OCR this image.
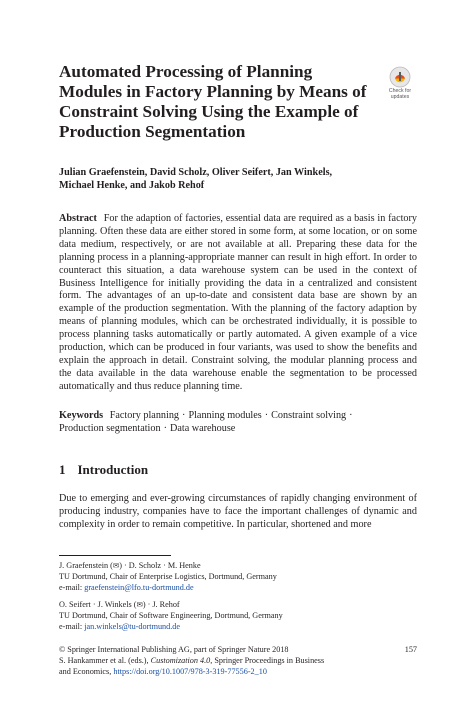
Automated Processing of Planning Modules in Factory Planning by Means of Constraint Solving Using the Example of Production Segmentation
Check for
updates
Julian Graefenstein, David Scholz, Oliver Seifert, Jan Winkels,
Michael Henke, and Jakob Rehof

Abstract For the adaption of factories, essential data are required as a basis in factory planning. Often these data are either stored in some form, at some location, or on some data medium, respectively, or are not available at all. Preparing these data for the planning process in a planning-appropriate manner can result in high effort. In order to counteract this situation, a data warehouse system can be used in the context of Business Intelligence for initially providing the data in a centralized and consistent form. The advantages of an up-to-date and consistent data base are shown by an example of the production segmentation. With the planning of the factory adaption by means of planning modules, which can be orchestrated individually, it is possible to process planning tasks automatically or partly automated. A given example of a vice production, which can be produced in four variants, was used to show the benefits and explain the approach in detail. Constraint solving, the modular planning process and the data available in the data warehouse enable the segmentation to be processed automatically and thus reduce planning time.

Keywords Factory planning · Planning modules · Constraint solving ·
Production segmentation · Data warehouse
1 Introduction

Due to emerging and ever-growing circumstances of rapidly changing environment of producing industry, companies have to face the important challenges of dynamic and complexity in order to remain competitive. In particular, shortened and more

J. Graefenstein (✉) · D. Scholz · M. Henke
TU Dortmund, Chair of Enterprise Logistics, Dortmund, Germany
e-mail: graefenstein@lfo.tu-dortmund.de
O. Seifert · J. Winkels (✉) · J. Rehof
TU Dortmund, Chair of Software Engineering, Dortmund, Germany
e-mail: jan.winkels@tu-dortmund.de
© Springer International Publishing AG, part of Springer Nature 2018
S. Hankammer et al. (eds.), Customization 4.0, Springer Proceedings in Business
and Economics, https://doi.org/10.1007/978-3-319-77556-2_10
157
